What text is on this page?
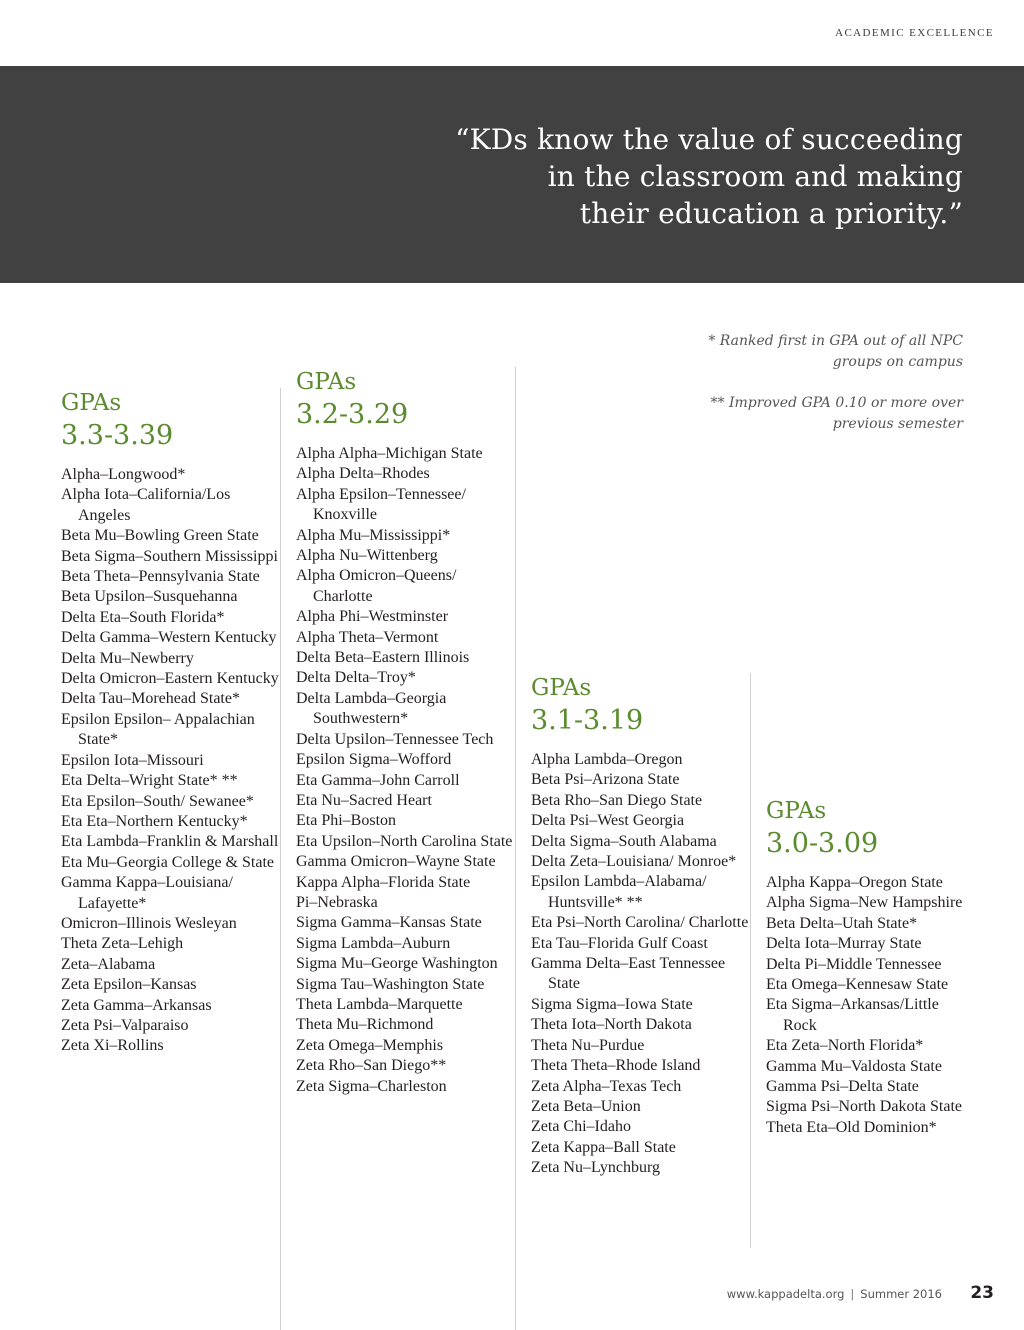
ACADEMIC EXCELLENCE
“KDs know the value of succeeding
in the classroom and making
their education a priority.”

* Ranked first in GPA out of all NPC groups on campus

** Improved GPA 0.10 or more over previous semester

GPAs
3.3-3.39
Alpha–Longwood*
Alpha Iota–California/Los Angeles
Beta Mu–Bowling Green State
Beta Sigma–Southern Mississippi
Beta Theta–Pennsylvania State
Beta Upsilon–Susquehanna
Delta Eta–South Florida*
Delta Gamma–Western Kentucky
Delta Mu–Newberry
Delta Omicron–Eastern Kentucky
Delta Tau–Morehead State*
Epsilon Epsilon– Appalachian State*
Epsilon Iota–Missouri
Eta Delta–Wright State* **
Eta Epsilon–South/ Sewanee*
Eta Eta–Northern Kentucky*
Eta Lambda–Franklin & Marshall
Eta Mu–Georgia College & State
Gamma Kappa–Louisiana/ Lafayette*
Omicron–Illinois Wesleyan
Theta Zeta–Lehigh
Zeta–Alabama
Zeta Epsilon–Kansas
Zeta Gamma–Arkansas
Zeta Psi–Valparaiso
Zeta Xi–Rollins
GPAs
3.2-3.29
Alpha Alpha–Michigan State
Alpha Delta–Rhodes
Alpha Epsilon–Tennessee/ Knoxville
Alpha Mu–Mississippi*
Alpha Nu–Wittenberg
Alpha Omicron–Queens/ Charlotte
Alpha Phi–Westminster
Alpha Theta–Vermont
Delta Beta–Eastern Illinois
Delta Delta–Troy*
Delta Lambda–Georgia Southwestern*
Delta Upsilon–Tennessee Tech
Epsilon Sigma–Wofford
Eta Gamma–John Carroll
Eta Nu–Sacred Heart
Eta Phi–Boston
Eta Upsilon–North Carolina State
Gamma Omicron–Wayne State
Kappa Alpha–Florida State
Pi–Nebraska
Sigma Gamma–Kansas State
Sigma Lambda–Auburn
Sigma Mu–George Washington
Sigma Tau–Washington State
Theta Lambda–Marquette
Theta Mu–Richmond
Zeta Omega–Memphis
Zeta Rho–San Diego**
Zeta Sigma–Charleston
GPAs
3.1-3.19
Alpha Lambda–Oregon
Beta Psi–Arizona State
Beta Rho–San Diego State
Delta Psi–West Georgia
Delta Sigma–South Alabama
Delta Zeta–Louisiana/ Monroe*
Epsilon Lambda–Alabama/ Huntsville* **
Eta Psi–North Carolina/ Charlotte
Eta Tau–Florida Gulf Coast
Gamma Delta–East Tennessee State
Sigma Sigma–Iowa State
Theta Iota–North Dakota
Theta Nu–Purdue
Theta Theta–Rhode Island
Zeta Alpha–Texas Tech
Zeta Beta–Union
Zeta Chi–Idaho
Zeta Kappa–Ball State
Zeta Nu–Lynchburg
GPAs
3.0-3.09
Alpha Kappa–Oregon State
Alpha Sigma–New Hampshire
Beta Delta–Utah State*
Delta Iota–Murray State
Delta Pi–Middle Tennessee
Eta Omega–Kennesaw State
Eta Sigma–Arkansas/Little Rock
Eta Zeta–North Florida*
Gamma Mu–Valdosta State
Gamma Psi–Delta State
Sigma Psi–North Dakota State
Theta Eta–Old Dominion*
www.kappadelta.org | Summer 2016 23
